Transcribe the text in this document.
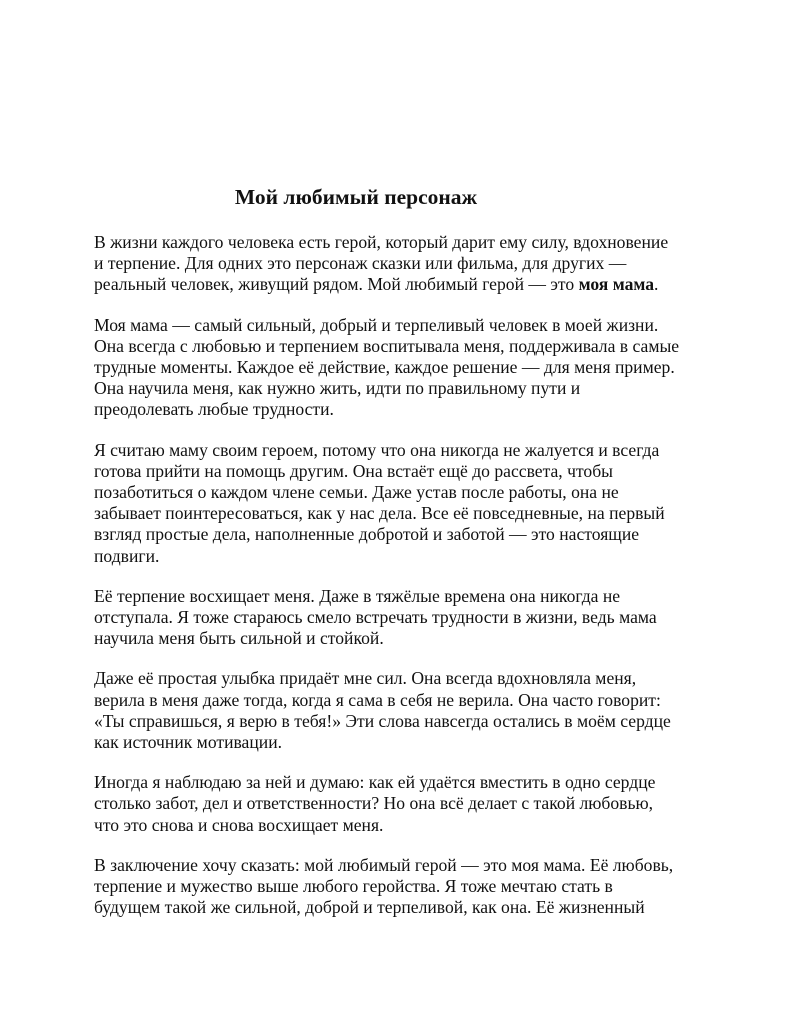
Мой любимый персонаж

В жизни каждого человека есть герой, который дарит ему силу, вдохновение
и терпение. Для одних это персонаж сказки или фильма, для других —
реальный человек, живущий рядом. Мой любимый герой — это моя мама.

Моя мама — самый сильный, добрый и терпеливый человек в моей жизни.
Она всегда с любовью и терпением воспитывала меня, поддерживала в самые
трудные моменты. Каждое её действие, каждое решение — для меня пример.
Она научила меня, как нужно жить, идти по правильному пути и
преодолевать любые трудности.

Я считаю маму своим героем, потому что она никогда не жалуется и всегда
готова прийти на помощь другим. Она встаёт ещё до рассвета, чтобы
позаботиться о каждом члене семьи. Даже устав после работы, она не
забывает поинтересоваться, как у нас дела. Все её повседневные, на первый
взгляд простые дела, наполненные добротой и заботой — это настоящие
подвиги.

Её терпение восхищает меня. Даже в тяжёлые времена она никогда не
отступала. Я тоже стараюсь смело встречать трудности в жизни, ведь мама
научила меня быть сильной и стойкой.

Даже её простая улыбка придаёт мне сил. Она всегда вдохновляла меня,
верила в меня даже тогда, когда я сама в себя не верила. Она часто говорит:
«Ты справишься, я верю в тебя!» Эти слова навсегда остались в моём сердце
как источник мотивации.

Иногда я наблюдаю за ней и думаю: как ей удаётся вместить в одно сердце
столько забот, дел и ответственности? Но она всё делает с такой любовью,
что это снова и снова восхищает меня.

В заключение хочу сказать: мой любимый герой — это моя мама. Её любовь,
терпение и мужество выше любого геройства. Я тоже мечтаю стать в
будущем такой же сильной, доброй и терпеливой, как она. Её жизненный
